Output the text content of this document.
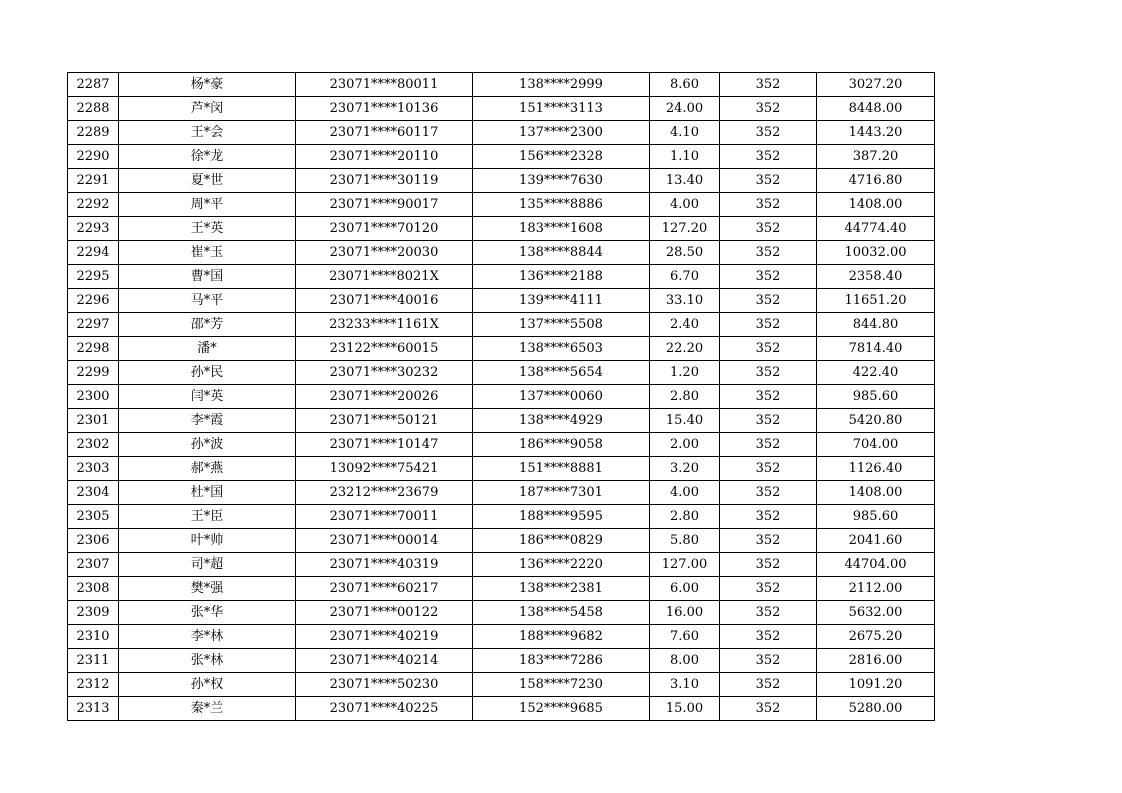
2287	杨*豪	23071****80011	138****2999	8.60	352	3027.20
2288	芦*闵	23071****10136	151****3113	24.00	352	8448.00
2289	王*会	23071****60117	137****2300	4.10	352	1443.20
2290	徐*龙	23071****20110	156****2328	1.10	352	387.20
2291	夏*世	23071****30119	139****7630	13.40	352	4716.80
2292	周*平	23071****90017	135****8886	4.00	352	1408.00
2293	王*英	23071****70120	183****1608	127.20	352	44774.40
2294	崔*玉	23071****20030	138****8844	28.50	352	10032.00
2295	曹*国	23071****8021X	136****2188	6.70	352	2358.40
2296	马*平	23071****40016	139****4111	33.10	352	11651.20
2297	邵*芳	23233****1161X	137****5508	2.40	352	844.80
2298	潘*	23122****60015	138****6503	22.20	352	7814.40
2299	孙*民	23071****30232	138****5654	1.20	352	422.40
2300	闫*英	23071****20026	137****0060	2.80	352	985.60
2301	李*霞	23071****50121	138****4929	15.40	352	5420.80
2302	孙*波	23071****10147	186****9058	2.00	352	704.00
2303	郝*燕	13092****75421	151****8881	3.20	352	1126.40
2304	杜*国	23212****23679	187****7301	4.00	352	1408.00
2305	王*臣	23071****70011	188****9595	2.80	352	985.60
2306	叶*帅	23071****00014	186****0829	5.80	352	2041.60
2307	司*超	23071****40319	136****2220	127.00	352	44704.00
2308	樊*强	23071****60217	138****2381	6.00	352	2112.00
2309	张*华	23071****00122	138****5458	16.00	352	5632.00
2310	李*林	23071****40219	188****9682	7.60	352	2675.20
2311	张*林	23071****40214	183****7286	8.00	352	2816.00
2312	孙*权	23071****50230	158****7230	3.10	352	1091.20
2313	秦*兰	23071****40225	152****9685	15.00	352	5280.00
